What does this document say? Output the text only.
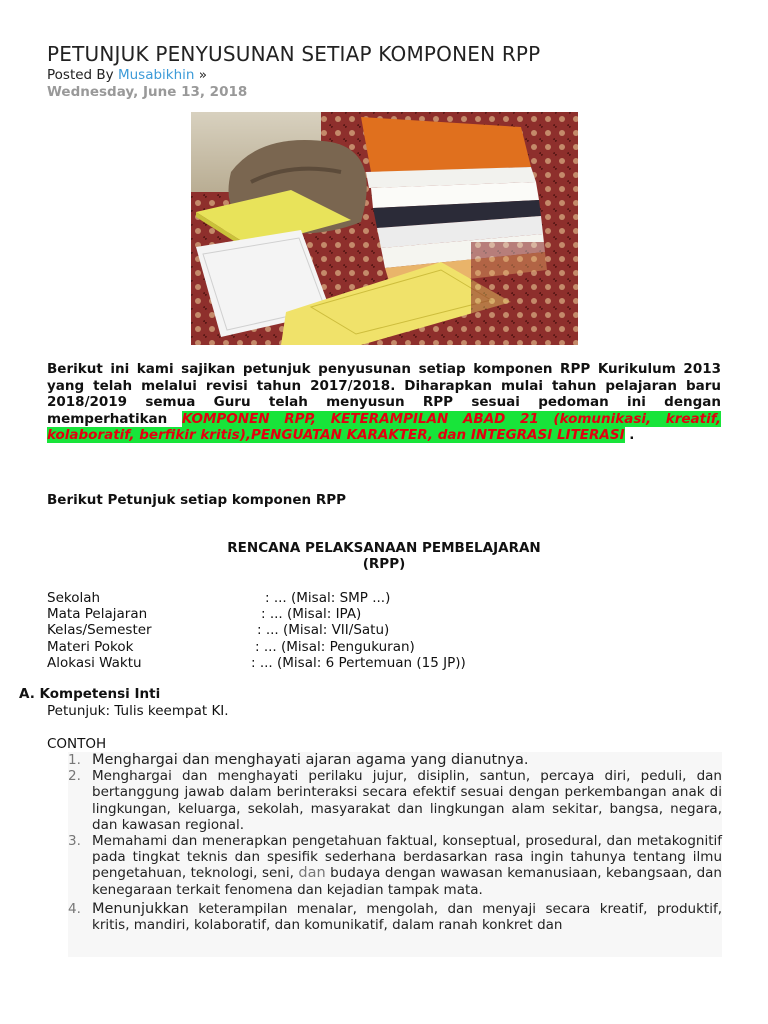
PETUNJUK PENYUSUNAN SETIAP KOMPONEN RPP
Posted By Musabikhin »
Wednesday, June 13, 2018
Berikut ini kami sajikan petunjuk penyusunan setiap komponen RPP Kurikulum 2013 yang telah melalui revisi tahun 2017/2018. Diharapkan mulai tahun pelajaran baru 2018/2019 semua Guru telah menyusun RPP sesuai pedoman ini dengan memperhatikan KOMPONEN RPP, KETERAMPILAN ABAD 21 (komunikasi, kreatif, kolaboratif, berfikir kritis),PENGUATAN KARAKTER, dan INTEGRASI LITERASI .
Berikut Petunjuk setiap komponen RPP
RENCANA PELAKSANAAN PEMBELAJARAN
(RPP)
Sekolah	: ... (Misal: SMP ...)
Mata Pelajaran	: ... (Misal: IPA)
Kelas/Semester	: ... (Misal: VII/Satu)
Materi Pokok	: ... (Misal: Pengukuran)
Alokasi Waktu	: ... (Misal: 6 Pertemuan (15 JP))
A. Kompetensi Inti
Petunjuk: Tulis keempat KI.
CONTOH
1. Menghargai dan menghayati ajaran agama yang dianutnya.
2. Menghargai dan menghayati perilaku jujur, disiplin, santun, percaya diri, peduli, dan bertanggung jawab dalam berinteraksi secara efektif sesuai dengan perkembangan anak di lingkungan, keluarga, sekolah, masyarakat dan lingkungan alam sekitar, bangsa, negara, dan kawasan regional.
3. Memahami dan menerapkan pengetahuan faktual, konseptual, prosedural, dan metakognitif pada tingkat teknis dan spesifik sederhana berdasarkan rasa ingin tahunya tentang ilmu pengetahuan, teknologi, seni, dan budaya dengan wawasan kemanusiaan, kebangsaan, dan kenegaraan terkait fenomena dan kejadian tampak mata.
4. Menunjukkan keterampilan menalar, mengolah, dan menyaji secara kreatif, produktif, kritis, mandiri, kolaboratif, dan komunikatif, dalam ranah konkret dan
